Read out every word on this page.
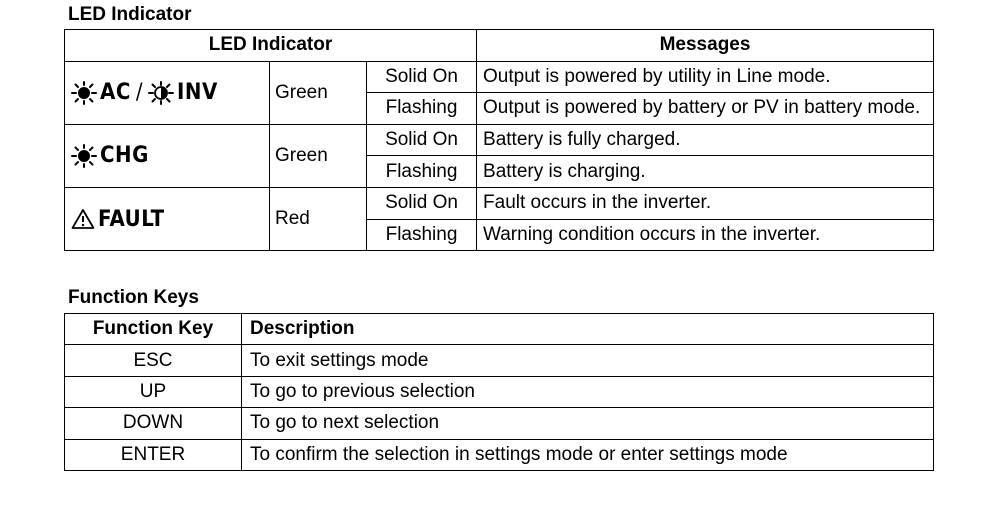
LED Indicator
LED Indicator			Messages

AC / INV	Green	Solid On	Output is powered by utility in Line mode.
		Flashing	Output is powered by battery or PV in battery mode.

CHG	Green	Solid On	Battery is fully charged.
		Flashing	Battery is charging.

FAULT	Red	Solid On	Fault occurs in the inverter.
		Flashing	Warning condition occurs in the inverter.
Function Keys
Function Key	Description
ESC	To exit settings mode
UP	To go to previous selection
DOWN	To go to next selection
ENTER	To confirm the selection in settings mode or enter settings mode
